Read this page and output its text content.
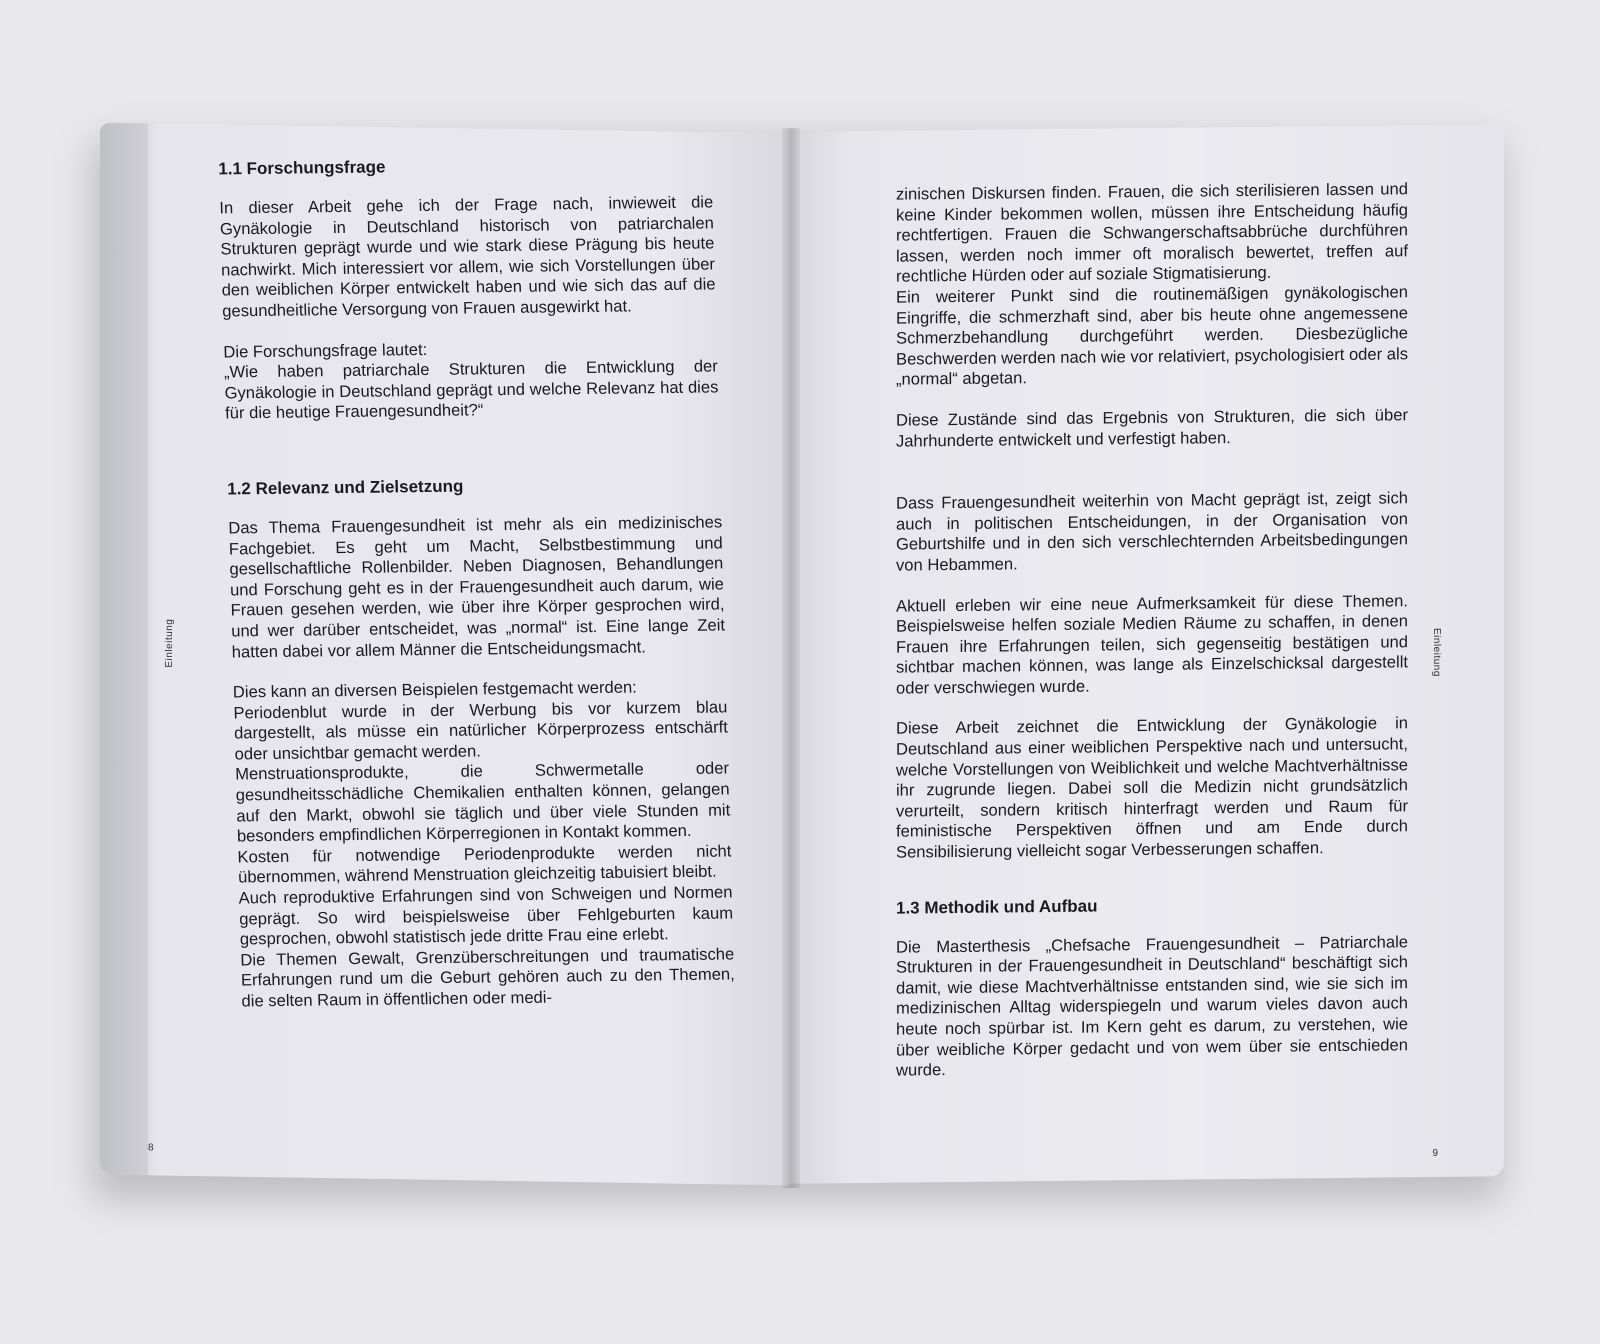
Einleitung
8
1.1 Forschungsfrage

In dieser Arbeit gehe ich der Frage nach, inwieweit die Gynäkologie in Deutschland historisch von patriarchalen Strukturen geprägt wurde und wie stark diese Prägung bis heute nachwirkt. Mich interessiert vor allem, wie sich Vorstellungen über den weiblichen Körper entwickelt haben und wie sich das auf die gesundheitliche Versorgung von Frauen ausgewirkt hat.

Die Forschungsfrage lautet:

„Wie haben patriarchale Strukturen die Entwicklung der Gynäkologie in Deutschland geprägt und welche Relevanz hat dies für die heutige Frauengesundheit?“

1.2 Relevanz und Zielsetzung

Das Thema Frauengesundheit ist mehr als ein medizinisches Fachgebiet. Es geht um Macht, Selbstbestimmung und gesellschaftliche Rollenbilder. Neben Diagnosen, Behandlungen und Forschung geht es in der Frauengesundheit auch darum, wie Frauen gesehen werden, wie über ihre Körper gesprochen wird, und wer darüber entscheidet, was „normal“ ist. Eine lange Zeit hatten dabei vor allem Männer die Entscheidungsmacht.

Dies kann an diversen Beispielen festgemacht werden:

Periodenblut wurde in der Werbung bis vor kurzem blau dargestellt, als müsse ein natürlicher Körperprozess entschärft oder unsichtbar gemacht werden.

Menstruationsprodukte, die Schwermetalle oder gesundheitsschädliche Chemikalien enthalten können, gelangen auf den Markt, obwohl sie täglich und über viele Stunden mit besonders empfindlichen Körperregionen in Kontakt kommen.

Kosten für notwendige Periodenprodukte werden nicht übernommen, während Menstruation gleichzeitig tabuisiert bleibt.

Auch reproduktive Erfahrungen sind von Schweigen und Normen geprägt. So wird beispielsweise über Fehlgeburten kaum gesprochen, obwohl statistisch jede dritte Frau eine erlebt.

Die Themen Gewalt, Grenzüberschreitungen und traumatische Erfahrungen rund um die Geburt gehören auch zu den Themen, die selten Raum in öffentlichen oder medi-

Einleitung
9

zinischen Diskursen finden. Frauen, die sich sterilisieren lassen und keine Kinder bekommen wollen, müssen ihre Entscheidung häufig rechtfertigen. Frauen die Schwangerschaftsabbrüche durchführen lassen, werden noch immer oft moralisch bewertet, treffen auf rechtliche Hürden oder auf soziale Stigmatisierung.

Ein weiterer Punkt sind die routinemäßigen gynäkologischen Eingriffe, die schmerzhaft sind, aber bis heute ohne angemessene Schmerzbehandlung durchgeführt werden. Diesbezügliche Beschwerden werden nach wie vor relativiert, psychologisiert oder als „normal“ abgetan.

Diese Zustände sind das Ergebnis von Strukturen, die sich über Jahrhunderte entwickelt und verfestigt haben.

Dass Frauengesundheit weiterhin von Macht geprägt ist, zeigt sich auch in politischen Entscheidungen, in der Organisation von Geburtshilfe und in den sich verschlechternden Arbeitsbedingungen von Hebammen.

Aktuell erleben wir eine neue Aufmerksamkeit für diese Themen. Beispielsweise helfen soziale Medien Räume zu schaffen, in denen Frauen ihre Erfahrungen teilen, sich gegenseitig bestätigen und sichtbar machen können, was lange als Einzelschicksal dargestellt oder verschwiegen wurde.

Diese Arbeit zeichnet die Entwicklung der Gynäkologie in Deutschland aus einer weiblichen Perspektive nach und untersucht, welche Vorstellungen von Weiblichkeit und welche Machtverhältnisse ihr zugrunde liegen. Dabei soll die Medizin nicht grundsätzlich verurteilt, sondern kritisch hinterfragt werden und Raum für feministische Perspektiven öffnen und am Ende durch Sensibilisierung vielleicht sogar Verbesserungen schaffen.

1.3 Methodik und Aufbau

Die Masterthesis „Chefsache Frauengesundheit – Patriarchale Strukturen in der Frauengesundheit in Deutschland“ beschäftigt sich damit, wie diese Machtverhältnisse entstanden sind, wie sie sich im medizinischen Alltag widerspiegeln und warum vieles davon auch heute noch spürbar ist. Im Kern geht es darum, zu verstehen, wie über weibliche Körper gedacht und von wem über sie entschieden wurde.
